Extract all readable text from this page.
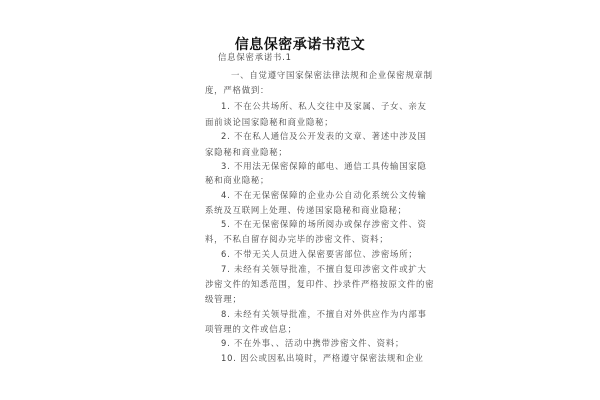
信息保密承诺书范文
信息保密承诺书.1
一、自觉遵守国家保密法律法规和企业保密规章制
度，严格做到：
1. 不在公共场所、私人交往中及家属、子女、亲友
面前谈论国家隐秘和商业隐秘；
2. 不在私人通信及公开发表的文章、著述中涉及国
家隐秘和商业隐秘；
3. 不用法无保密保障的邮电、通信工具传输国家隐
秘和商业隐秘；
4. 不在无保密保障的企业办公自动化系统公文传输
系统及互联网上处理、传递国家隐秘和商业隐秘；
5. 不在无保密保障的场所阅办或保存涉密文件、资
料，不私自留存阅办完毕的涉密文件、资料；
6. 不带无关人员进入保密要害部位、涉密场所；
7. 未经有关领导批准，不擅自复印涉密文件或扩大
涉密文件的知悉范围，复印件、抄录件严格按原文件的密
级管理；
8. 未经有关领导批准，不擅自对外供应作为内部事
项管理的文件或信息；
9. 不在外事、、活动中携带涉密文件、资料；
10. 因公或因私出境时，严格遵守保密法规和企业
